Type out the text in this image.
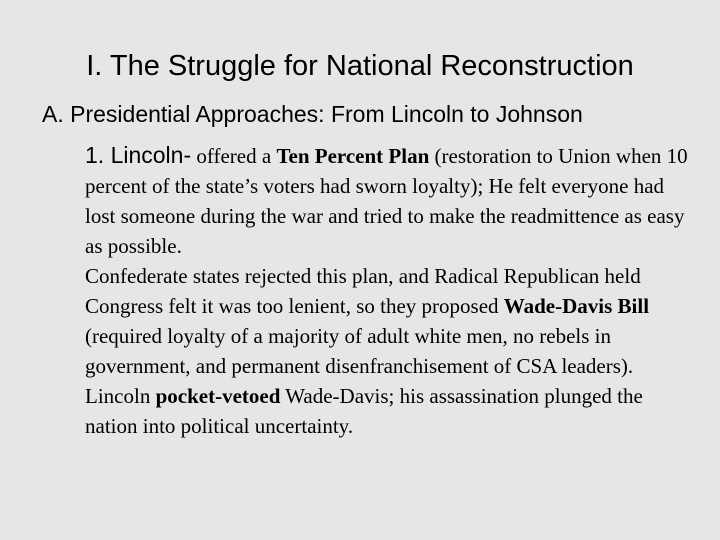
I. The Struggle for National Reconstruction
A. Presidential Approaches: From Lincoln to Johnson

1. Lincoln- offered a Ten Percent Plan (restoration to Union when 10 percent of the state’s voters had sworn loyalty); He felt everyone had lost someone during the war and tried to make the readmittence as easy as possible.

Confederate states rejected this plan, and Radical Republican held Congress felt it was too lenient, so they proposed Wade-Davis Bill (required loyalty of a majority of adult white men, no rebels in government, and permanent disenfranchisement of CSA leaders).

Lincoln pocket-vetoed Wade-Davis; his assassination plunged the nation into political uncertainty.
